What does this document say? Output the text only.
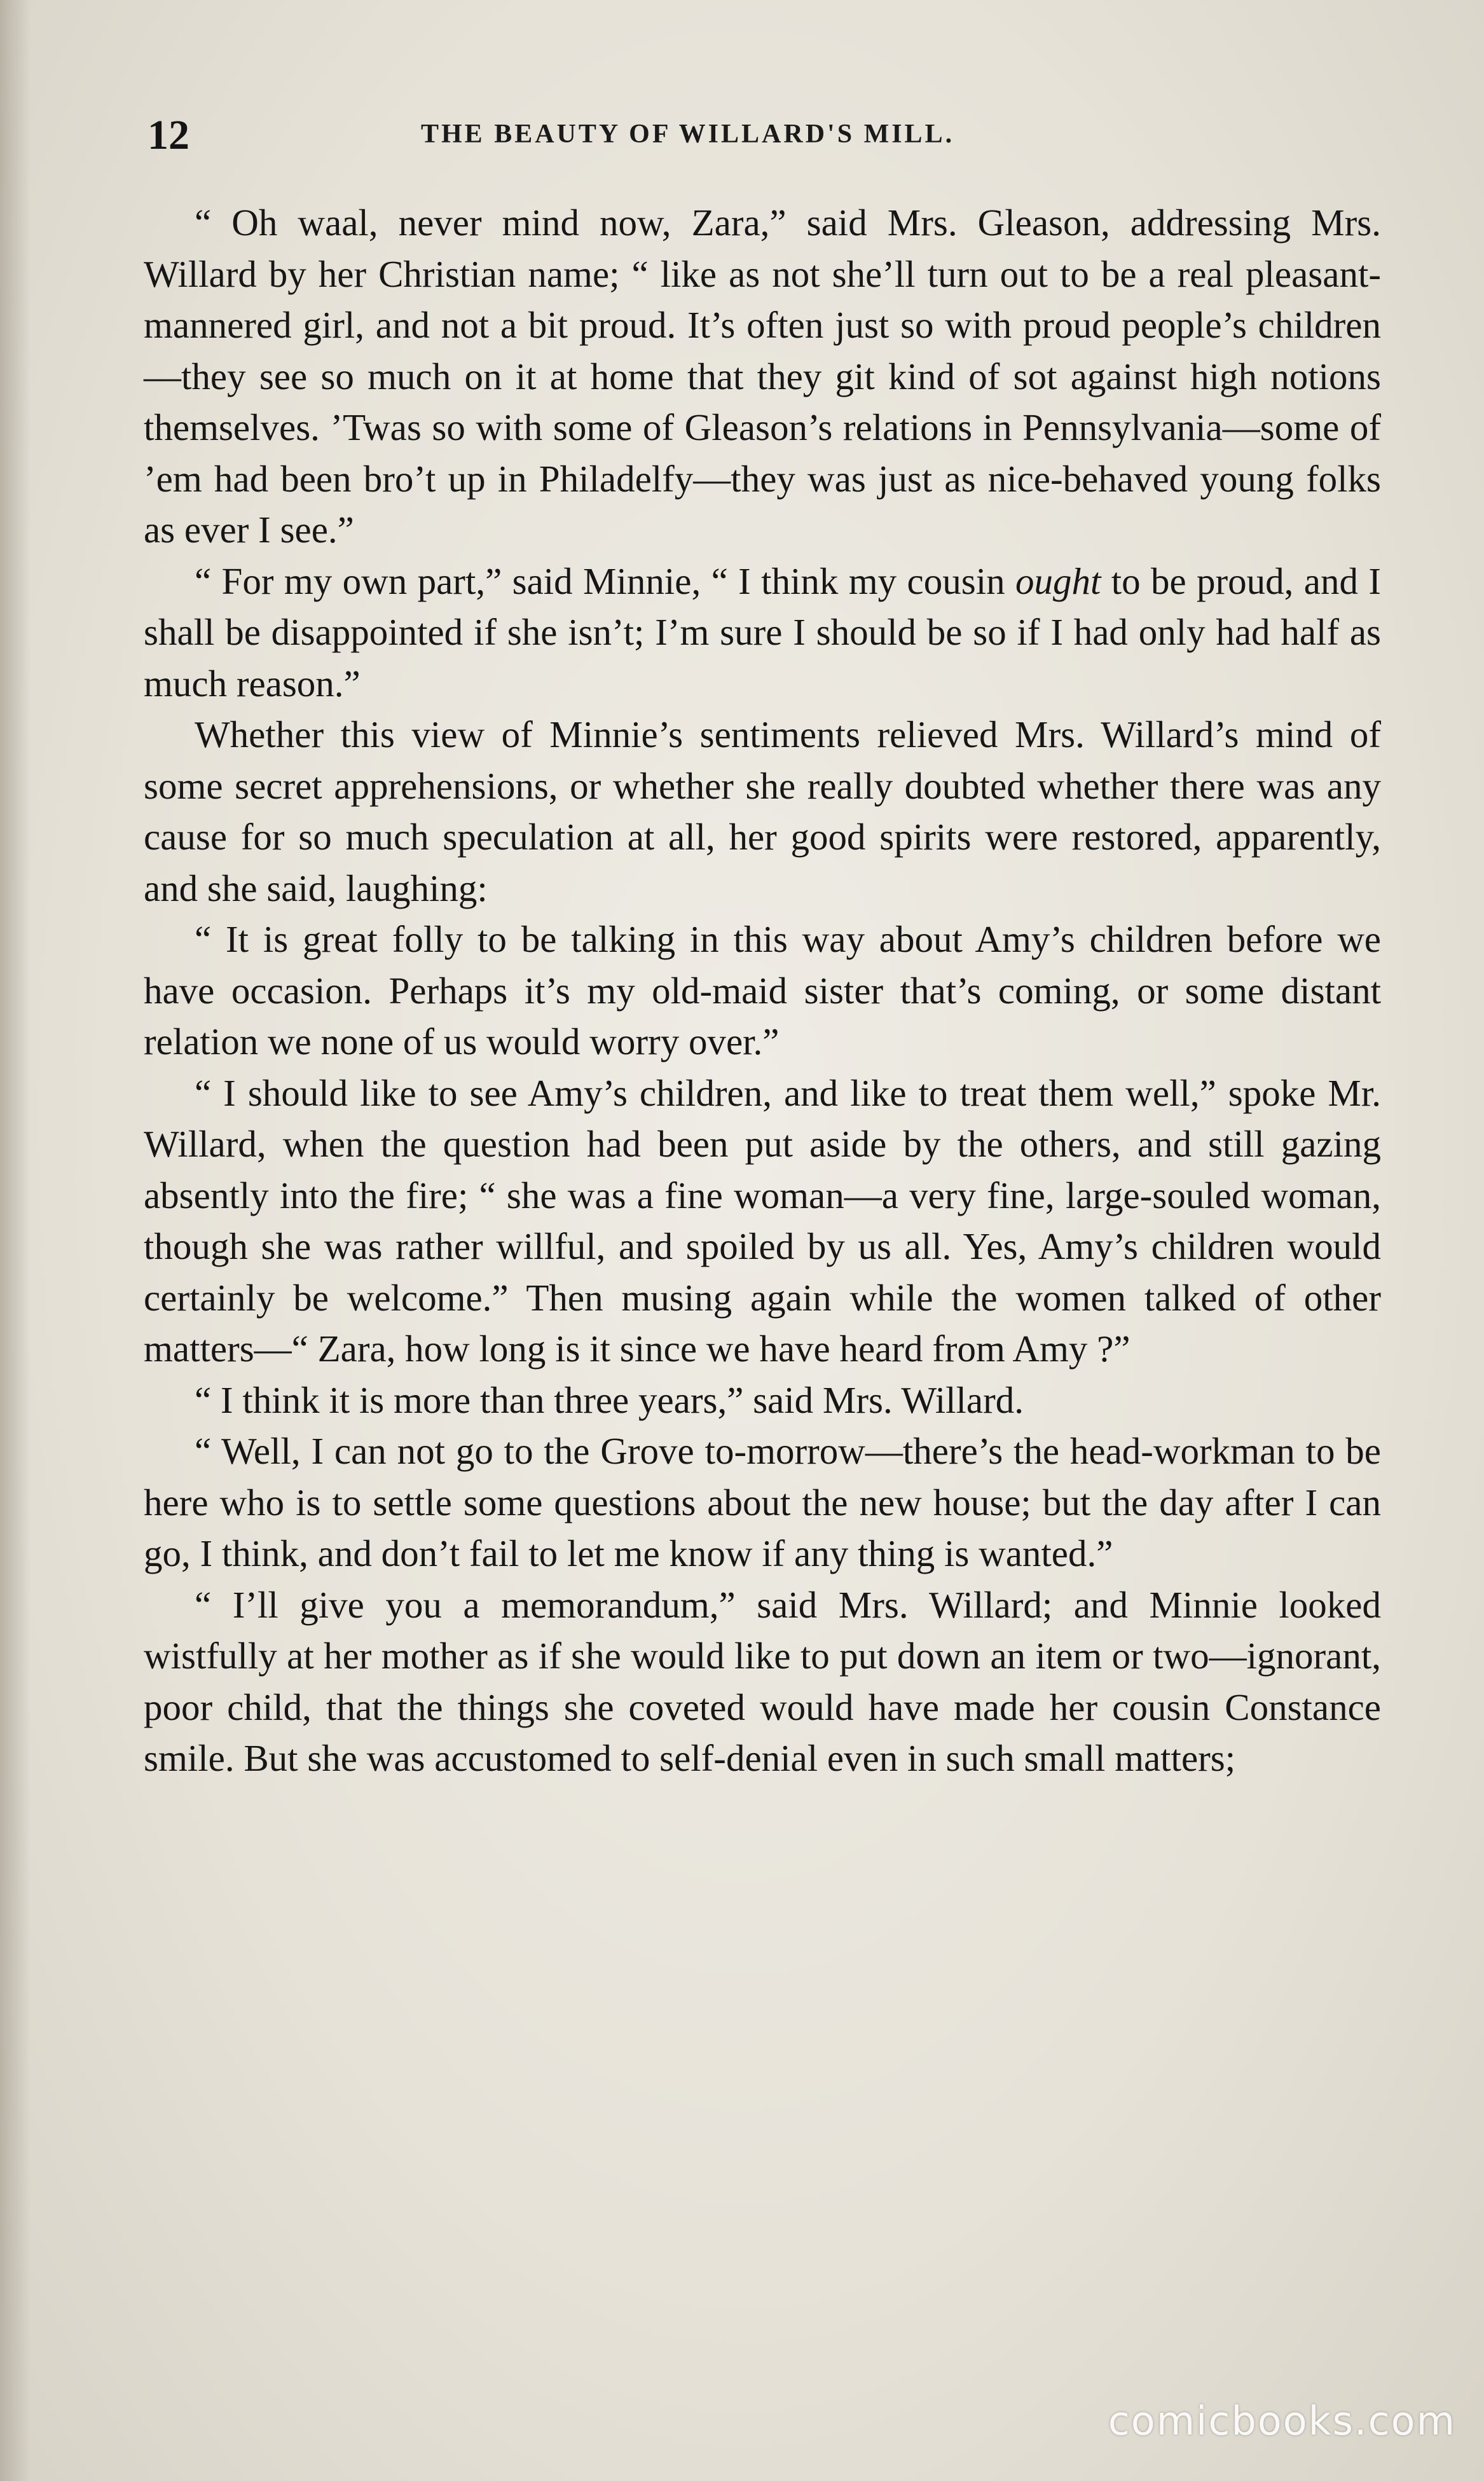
12	THE BEAUTY OF WILLARD'S MILL.

“ Oh waal, never mind now, Zara,” said Mrs. Gleason, addressing Mrs. Willard by her Christian name; “ like as not she’ll turn out to be a real pleasant-mannered girl, and not a bit proud. It’s often just so with proud people’s children—they see so much on it at home that they git kind of sot against high notions themselves. ’Twas so with some of Gleason’s relations in Pennsylvania—some of ’em had been bro’t up in Philadelfy—they was just as nice-behaved young folks as ever I see.”

“ For my own part,” said Minnie, “ I think my cousin ought to be proud, and I shall be disappointed if she isn’t; I’m sure I should be so if I had only had half as much reason.”

Whether this view of Minnie’s sentiments relieved Mrs. Willard’s mind of some secret apprehensions, or whether she really doubted whether there was any cause for so much speculation at all, her good spirits were restored, apparently, and she said, laughing:

“ It is great folly to be talking in this way about Amy’s children before we have occasion. Perhaps it’s my old-maid sister that’s coming, or some distant relation we none of us would worry over.”

“ I should like to see Amy’s children, and like to treat them well,” spoke Mr. Willard, when the question had been put aside by the others, and still gazing absently into the fire; “ she was a fine woman—a very fine, large-souled woman, though she was rather willful, and spoiled by us all. Yes, Amy’s children would certainly be welcome.” Then musing again while the women talked of other matters—“ Zara, how long is it since we have heard from Amy ?”

“ I think it is more than three years,” said Mrs. Willard.

“ Well, I can not go to the Grove to-morrow—there’s the head-workman to be here who is to settle some questions about the new house; but the day after I can go, I think, and don’t fail to let me know if any thing is wanted.”

“ I’ll give you a memorandum,” said Mrs. Willard; and Minnie looked wistfully at her mother as if she would like to put down an item or two—ignorant, poor child, that the things she coveted would have made her cousin Constance smile. But she was accustomed to self-denial even in such small matters;

comicbooks.com
